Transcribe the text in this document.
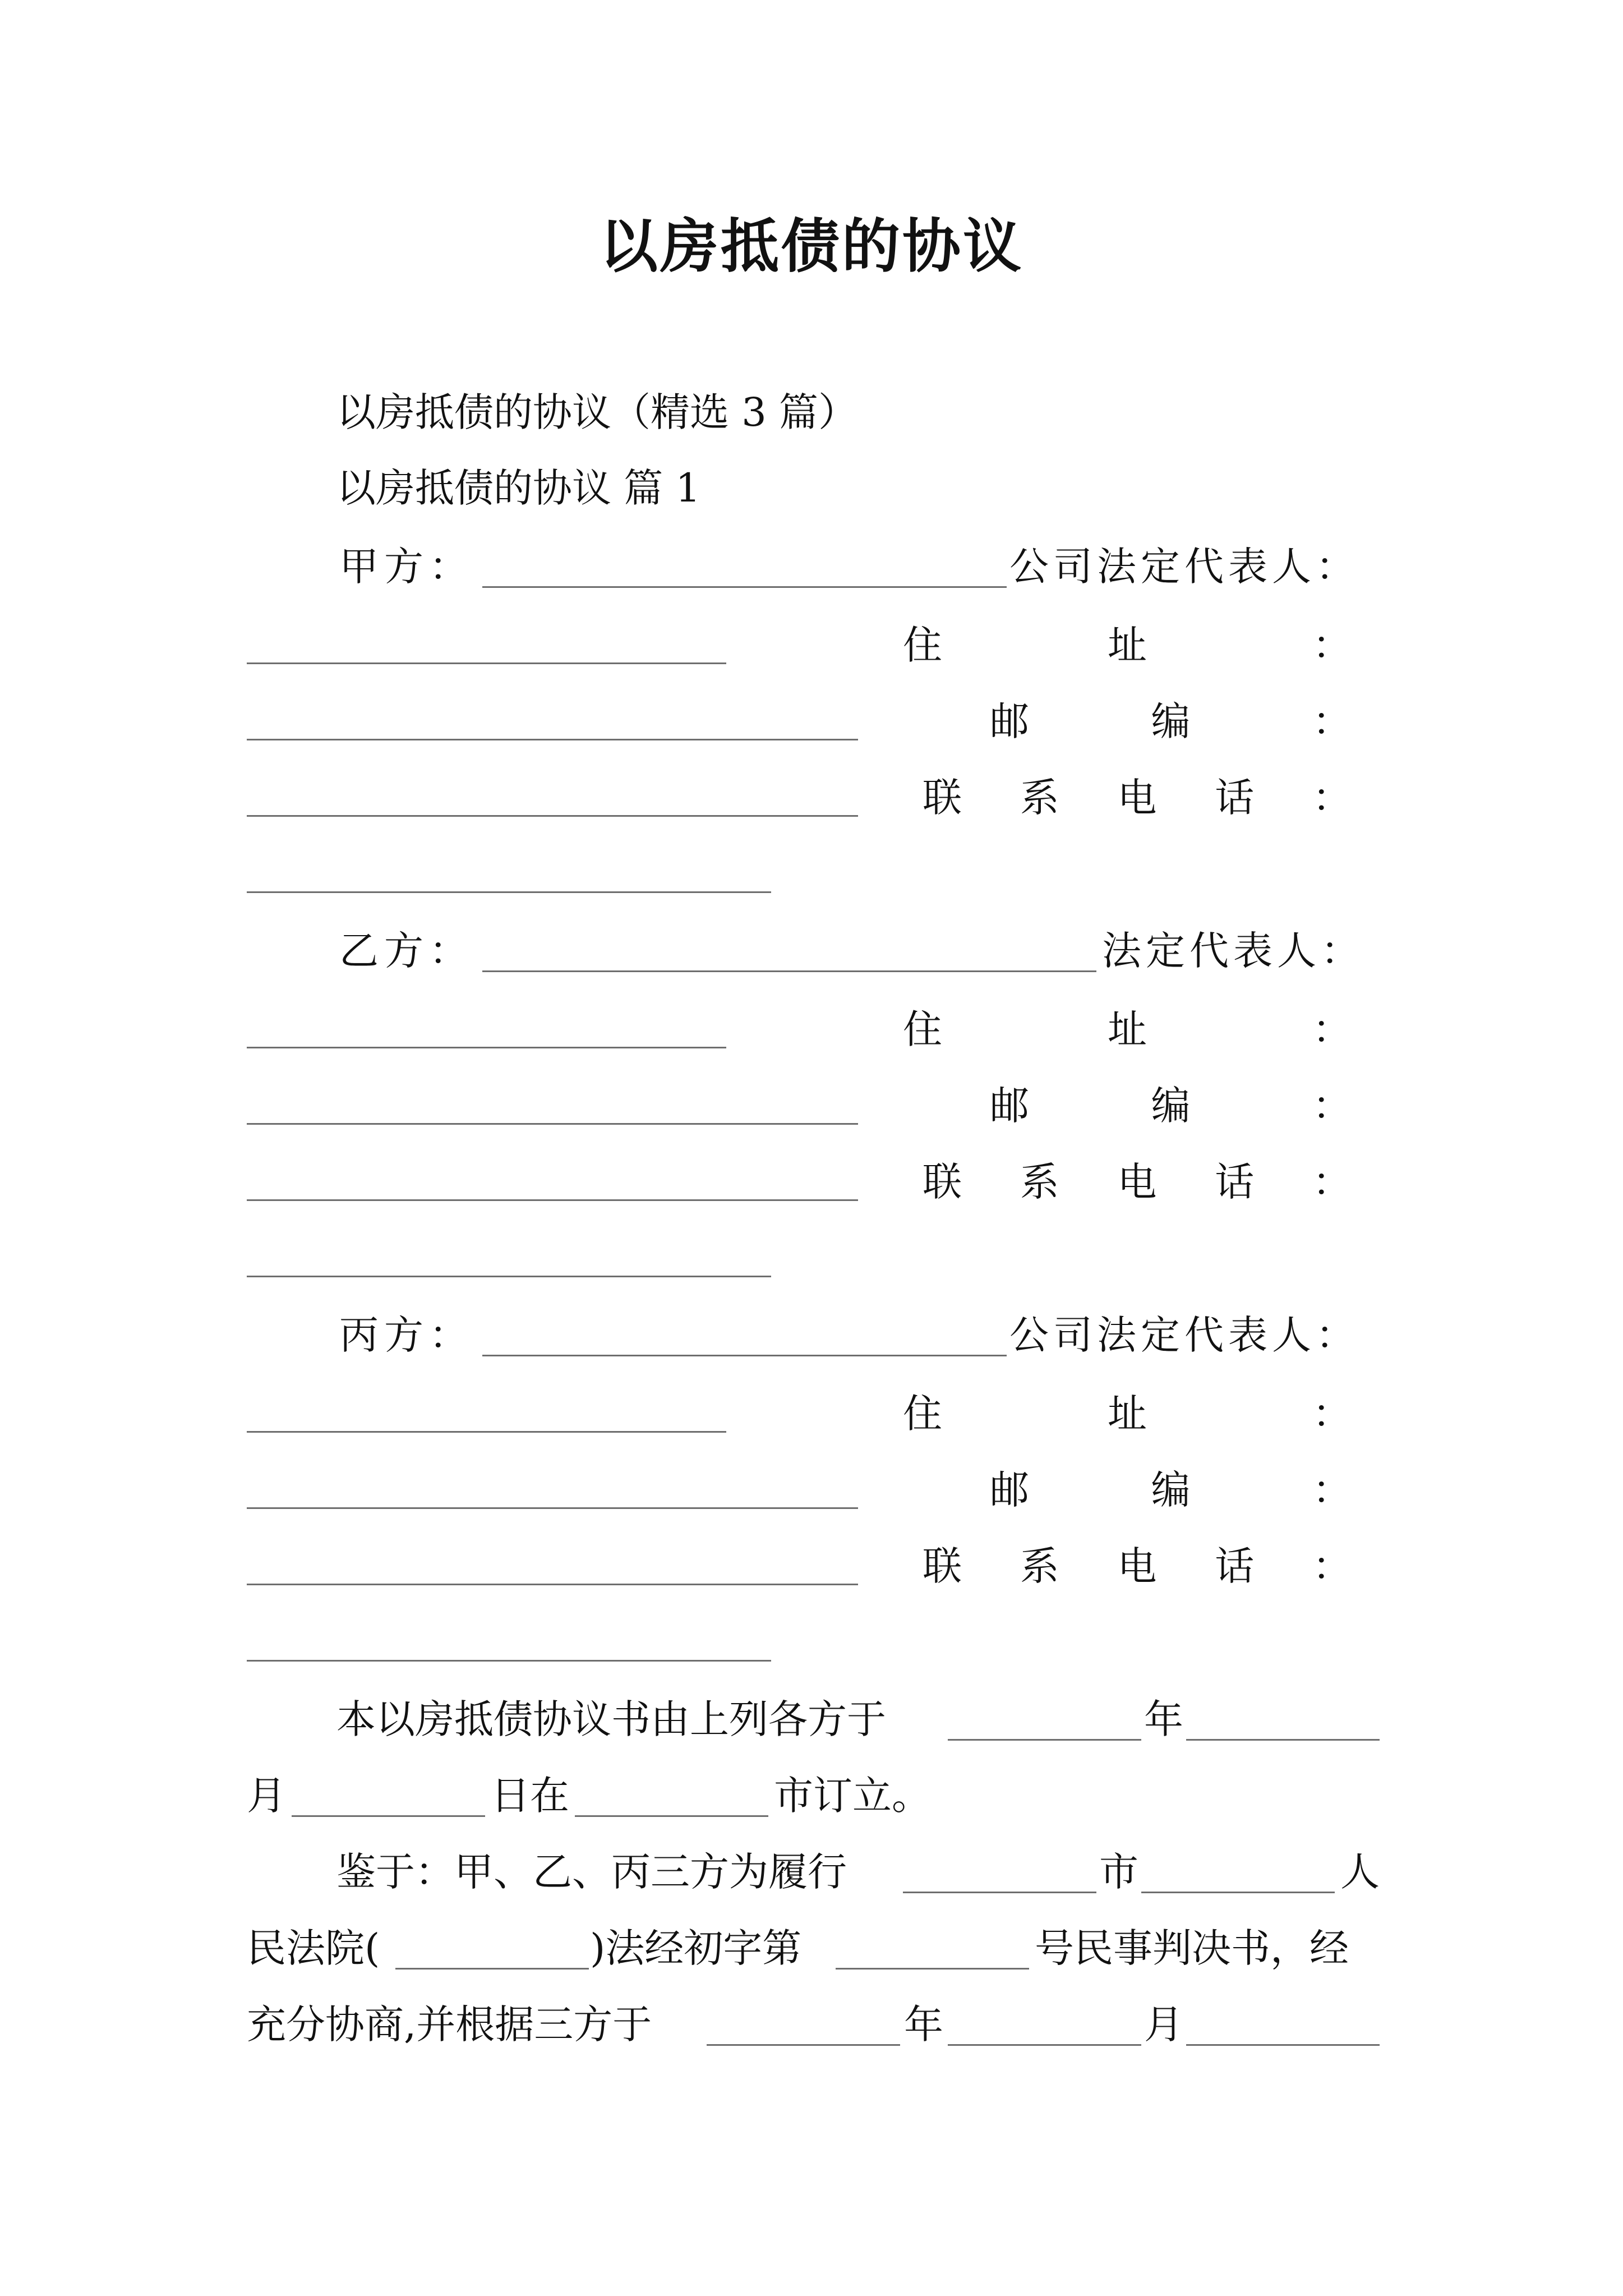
以房抵债的协议
以房抵债的协议（精选 3 篇）
以房抵债的协议 篇 1
甲方：	公司法定代表人：
住	址	：
邮	编	：
联 系 电 话 ：
乙方：	法定代表人：
住	址	：
邮	编	：
联 系 电 话 ：
丙方：	公司法定代表人：
住	址	：
邮	编	：
联 系 电 话 ：
本以房抵债协议书由上列各方于	年
月	日在	市订立。
鉴于：甲、乙、丙三方为履行	市	人
民法院(	)法经初字第	号民事判决书，经
充分协商,并根据三方于	年	月
